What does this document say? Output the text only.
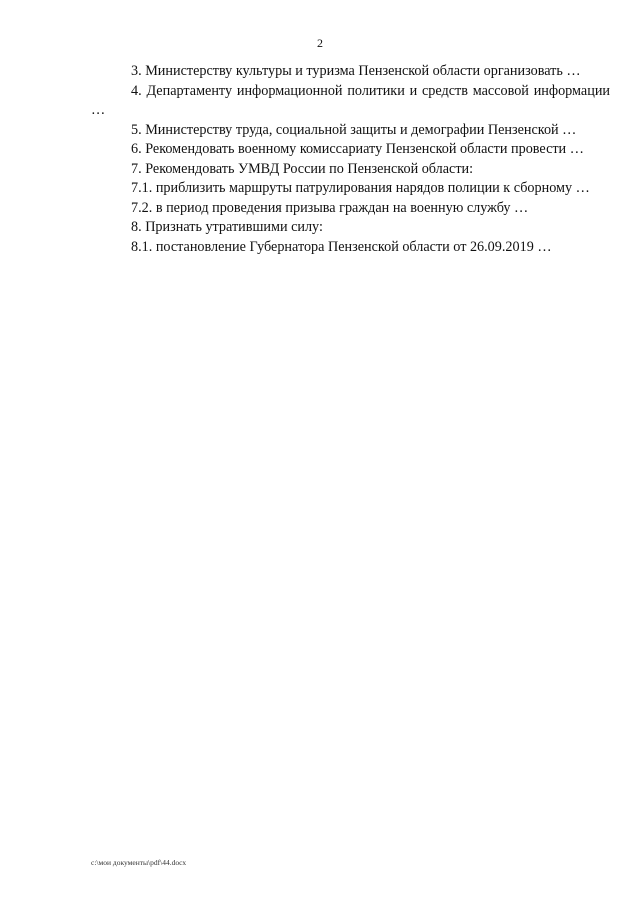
2

3. Министерству культуры и туризма Пензенской области организовать …

4. Департаменту информационной политики и средств массовой информации …

5. Министерству труда, социальной защиты и демографии Пензенской …

6. Рекомендовать военному комиссариату Пензенской области провести …

7. Рекомендовать УМВД России по Пензенской области:

7.1. приблизить маршруты патрулирования нарядов полиции к сборному …

7.2. в период проведения призыва граждан на военную службу …

8. Признать утратившими силу:

8.1. постановление Губернатора Пензенской области от 26.09.2019 …

c:\мои документы\pdf\44.docx
